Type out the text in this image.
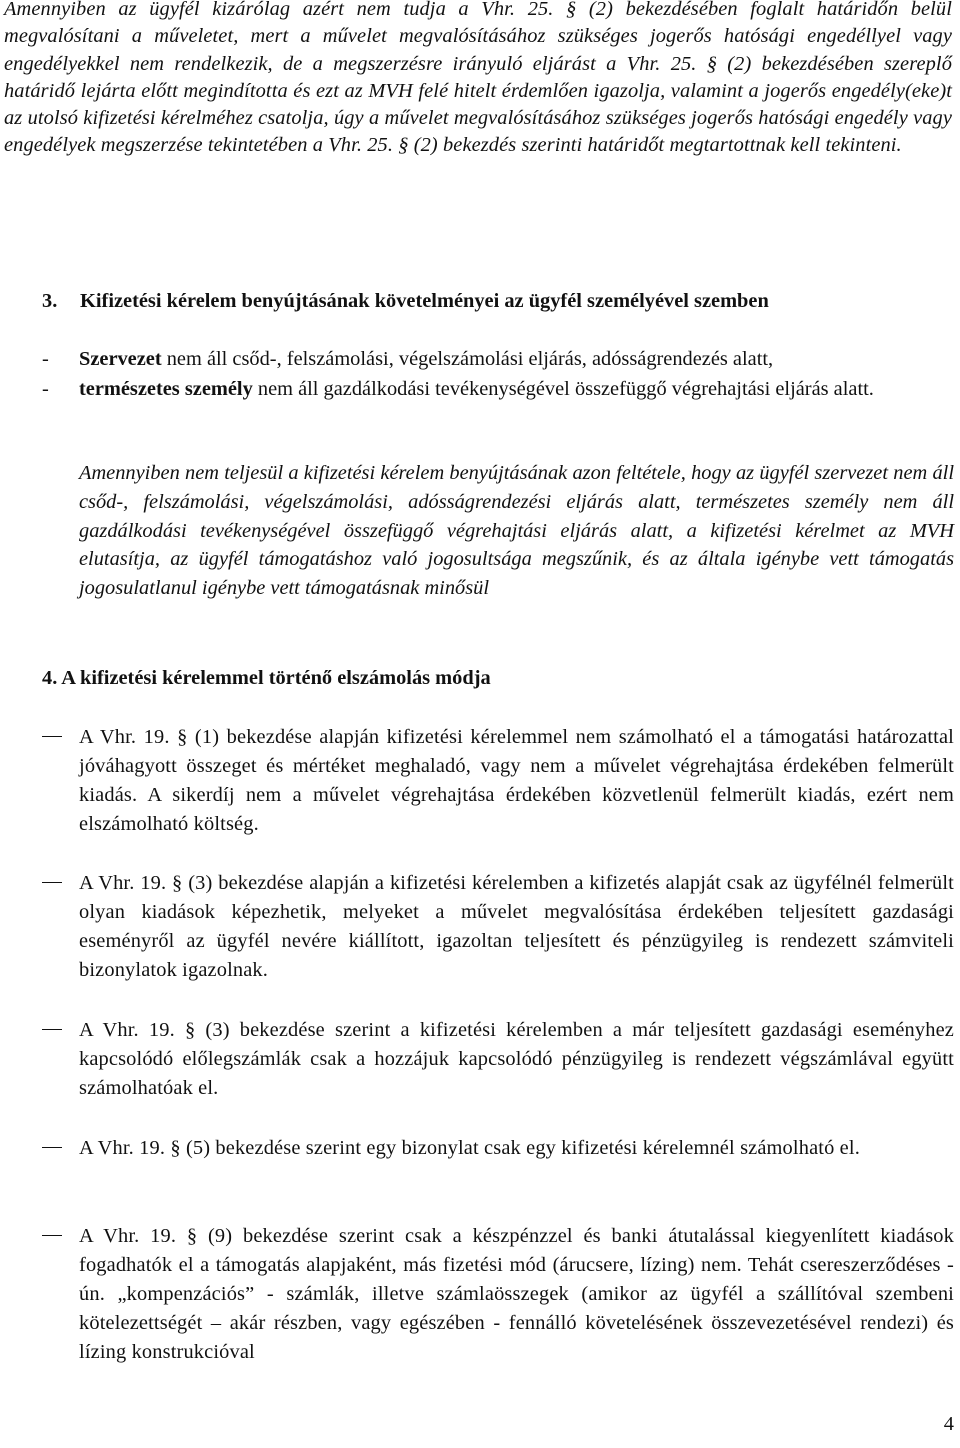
Amennyiben az ügyfél kizárólag azért nem tudja a Vhr. 25. § (2) bekezdésében foglalt határidőn belül megvalósítani a műveletet, mert a művelet megvalósításához szükséges jogerős hatósági engedéllyel vagy engedélyekkel nem rendelkezik, de a megszerzésre irányuló eljárást a Vhr. 25. § (2) bekezdésében szereplő határidő lejárta előtt megindította és ezt az MVH felé hitelt érdemlően igazolja, valamint a jogerős engedély(eke)t az utolsó kifizetési kérelméhez csatolja, úgy a művelet megvalósításához szükséges jogerős hatósági engedély vagy engedélyek megszerzése tekintetében a Vhr. 25. § (2) bekezdés szerinti határidőt megtartottnak kell tekinteni.

3. Kifizetési kérelem benyújtásának követelményei az ügyfél személyével szemben
- Szervezet nem áll csőd-, felszámolási, végelszámolási eljárás, adósságrendezés alatt,
- természetes személy nem áll gazdálkodási tevékenységével összefüggő végrehajtási eljárás alatt.

Amennyiben nem teljesül a kifizetési kérelem benyújtásának azon feltétele, hogy az ügyfél szervezet nem áll csőd-, felszámolási, végelszámolási, adósságrendezési eljárás alatt, természetes személy nem áll gazdálkodási tevékenységével összefüggő végrehajtási eljárás alatt, a kifizetési kérelmet az MVH elutasítja, az ügyfél támogatáshoz való jogosultsága megszűnik, és az általa igénybe vett támogatás jogosulatlanul igénybe vett támogatásnak minősül

4. A kifizetési kérelemmel történő elszámolás módja

A Vhr. 19. § (1) bekezdése alapján kifizetési kérelemmel nem számolható el a támogatási határozattal jóváhagyott összeget és mértéket meghaladó, vagy nem a művelet végrehajtása érdekében felmerült kiadás. A sikerdíj nem a művelet végrehajtása érdekében közvetlenül felmerült kiadás, ezért nem elszámolható költség.

A Vhr. 19. § (3) bekezdése alapján a kifizetési kérelemben a kifizetés alapját csak az ügyfélnél felmerült olyan kiadások képezhetik, melyeket a művelet megvalósítása érdekében teljesített gazdasági eseményről az ügyfél nevére kiállított, igazoltan teljesített és pénzügyileg is rendezett számviteli bizonylatok igazolnak.

A Vhr. 19. § (3) bekezdése szerint a kifizetési kérelemben a már teljesített gazdasági eseményhez kapcsolódó előlegszámlák csak a hozzájuk kapcsolódó pénzügyileg is rendezett végszámlával együtt számolhatóak el.

A Vhr. 19. § (5) bekezdése szerint egy bizonylat csak egy kifizetési kérelemnél számolható el.

A Vhr. 19. § (9) bekezdése szerint csak a készpénzzel és banki átutalással kiegyenlített kiadások fogadhatók el a támogatás alapjaként, más fizetési mód (árucsere, lízing) nem. Tehát csereszerződéses - ún. „kompenzációs” - számlák, illetve számlaösszegek (amikor az ügyfél a szállítóval szembeni kötelezettségét – akár részben, vagy egészében - fennálló követelésének összevezetésével rendezi) és lízing konstrukcióval

4
